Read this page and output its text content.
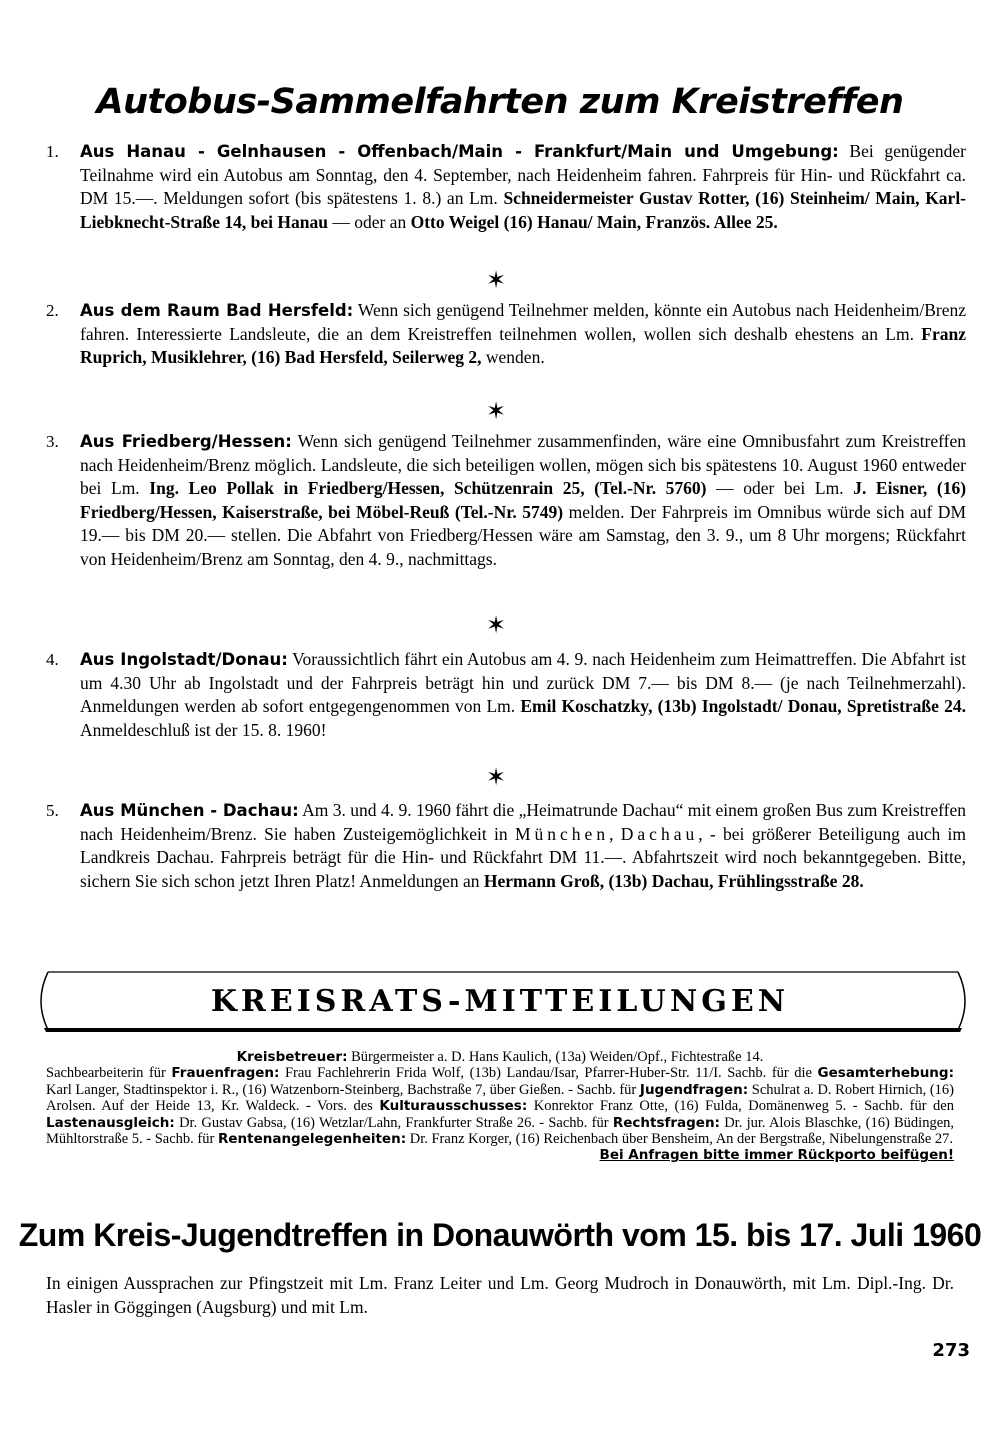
Autobus-Sammelfahrten zum Kreistreffen
1.	Aus Hanau - Gelnhausen - Offenbach/Main - Frankfurt/Main und Umgebung: Bei genügender Teilnahme wird ein Autobus am Sonntag, den 4. September, nach Heidenheim fahren. Fahrpreis für Hin- und Rückfahrt ca. DM 15.—. Meldungen sofort (bis spätestens 1. 8.) an Lm. Schneidermeister Gustav Rotter, (16) Steinheim/ Main, Karl-Liebknecht-Straße 14, bei Hanau — oder an Otto Weigel (16) Hanau/ Main, Französ. Allee 25.
✶
2.	Aus dem Raum Bad Hersfeld: Wenn sich genügend Teilnehmer melden, könnte ein Autobus nach Heidenheim/Brenz fahren. Interessierte Landsleute, die an dem Kreistreffen teilnehmen wollen, wollen sich deshalb ehestens an Lm. Franz Ruprich, Musiklehrer, (16) Bad Hersfeld, Seilerweg 2, wenden.
✶
3.	Aus Friedberg/Hessen: Wenn sich genügend Teilnehmer zusammenfinden, wäre eine Omnibusfahrt zum Kreistreffen nach Heidenheim/Brenz möglich. Landsleute, die sich beteiligen wollen, mögen sich bis spätestens 10. August 1960 entweder bei Lm. Ing. Leo Pollak in Friedberg/Hessen, Schützenrain 25, (Tel.-Nr. 5760) — oder bei Lm. J. Eisner, (16) Friedberg/Hessen, Kaiserstraße, bei Möbel-Reuß (Tel.-Nr. 5749) melden. Der Fahrpreis im Omnibus würde sich auf DM 19.— bis DM 20.— stellen. Die Abfahrt von Friedberg/Hessen wäre am Samstag, den 3. 9., um 8 Uhr morgens; Rückfahrt von Heidenheim/Brenz am Sonntag, den 4. 9., nachmittags.
✶
4.	Aus Ingolstadt/Donau: Voraussichtlich fährt ein Autobus am 4. 9. nach Heidenheim zum Heimattreffen. Die Abfahrt ist um 4.30 Uhr ab Ingolstadt und der Fahrpreis beträgt hin und zurück DM 7.— bis DM 8.— (je nach Teilnehmerzahl). Anmeldungen werden ab sofort entgegengenommen von Lm. Emil Koschatzky, (13b) Ingolstadt/ Donau, Spretistraße 24. Anmeldeschluß ist der 15. 8. 1960!
✶
5.	Aus München - Dachau: Am 3. und 4. 9. 1960 fährt die „Heimatrunde Dachau“ mit einem großen Bus zum Kreistreffen nach Heidenheim/Brenz. Sie haben Zusteigemöglichkeit in München, Dachau, - bei größerer Beteiligung auch im Landkreis Dachau. Fahrpreis beträgt für die Hin- und Rückfahrt DM 11.—. Abfahrtszeit wird noch bekanntgegeben. Bitte, sichern Sie sich schon jetzt Ihren Platz! Anmeldungen an Hermann Groß, (13b) Dachau, Frühlingsstraße 28.
KREISRATS-MITTEILUNGEN
Kreisbetreuer: Bürgermeister a. D. Hans Kaulich, (13a) Weiden/Opf., Fichtestraße 14.
Sachbearbeiterin für Frauenfragen: Frau Fachlehrerin Frida Wolf, (13b) Landau/Isar, Pfarrer-Huber-Str. 11/I. Sachb. für die Gesamterhebung: Karl Langer, Stadtinspektor i. R., (16) Watzenborn-Steinberg, Bachstraße 7, über Gießen. - Sachb. für Jugendfragen: Schulrat a. D. Robert Hirnich, (16) Arolsen. Auf der Heide 13, Kr. Waldeck. - Vors. des Kulturausschusses: Konrektor Franz Otte, (16) Fulda, Domänenweg 5. - Sachb. für den Lastenausgleich: Dr. Gustav Gabsa, (16) Wetzlar/Lahn, Frankfurter Straße 26. - Sachb. für Rechtsfragen: Dr. jur. Alois Blaschke, (16) Büdingen, Mühltorstraße 5. - Sachb. für Rentenangelegenheiten: Dr. Franz Korger, (16) Reichenbach über Bensheim, An der Bergstraße, Nibelungenstraße 27.
Bei Anfragen bitte immer Rückporto beifügen!
Zum Kreis-Jugendtreffen in Donauwörth vom 15. bis 17. Juli 1960
In einigen Aussprachen zur Pfingstzeit mit Lm. Franz Leiter und Lm. Georg Mudroch in Donauwörth, mit Lm. Dipl.-Ing. Dr. Hasler in Göggingen (Augsburg) und mit Lm.
273
